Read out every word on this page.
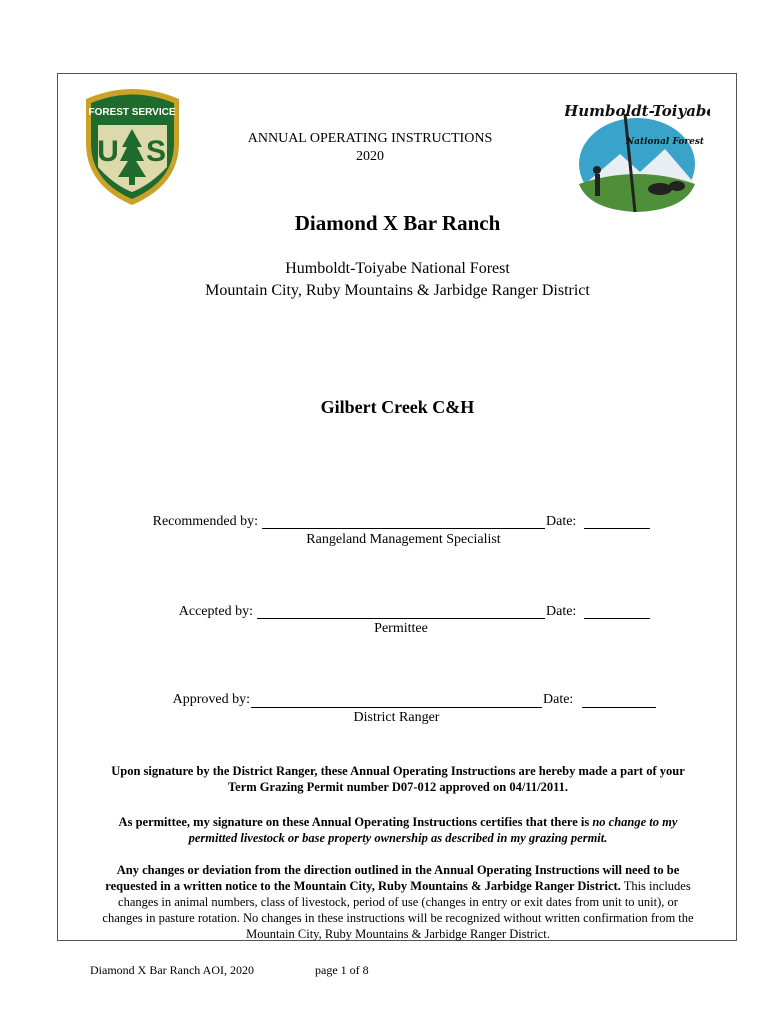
FOREST SERVICE
U S
Humboldt-Toiyabe
National Forest
ANNUAL OPERATING INSTRUCTIONS
2020
Diamond X Bar Ranch
Humboldt-Toiyabe National Forest
Mountain City, Ruby Mountains & Jarbidge Ranger District
Gilbert Creek C&H
Recommended by:	Date:
Rangeland Management Specialist
Accepted by:	Date:
Permittee
Approved by:	Date:
District Ranger
Upon signature by the District Ranger, these Annual Operating Instructions are hereby made a part of your
Term Grazing Permit number D07-012 approved on 04/11/2011.
As permittee, my signature on these Annual Operating Instructions certifies that there is no change to my
permitted livestock or base property ownership as described in my grazing permit.
Any changes or deviation from the direction outlined in the Annual Operating Instructions will need to be
requested in a written notice to the Mountain City, Ruby Mountains & Jarbidge Ranger District. This includes
changes in animal numbers, class of livestock, period of use (changes in entry or exit dates from unit to unit), or
changes in pasture rotation. No changes in these instructions will be recognized without written confirmation from the
Mountain City, Ruby Mountains & Jarbidge Ranger District.
Diamond X Bar Ranch AOI, 2020	page 1 of 8
